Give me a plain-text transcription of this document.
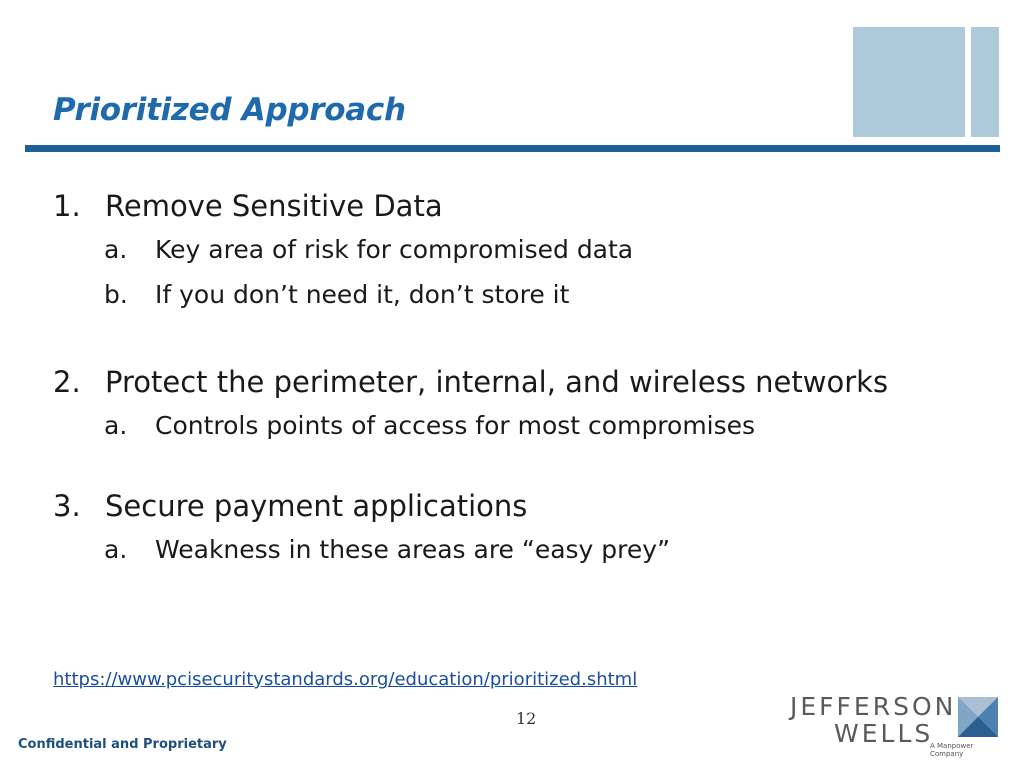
Prioritized Approach
1. Remove Sensitive Data
a.	Key area of risk for compromised data
b.	If you don’t need it, don’t store it
2. Protect the perimeter, internal, and wireless networks
a.	Controls points of access for most compromises
3. Secure payment applications
a.	Weakness in these areas are “easy prey”
https://www.pcisecuritystandards.org/education/prioritized.shtml
12
Confidential and Proprietary
JEFFERSON
WELLS
A Manpower Company
